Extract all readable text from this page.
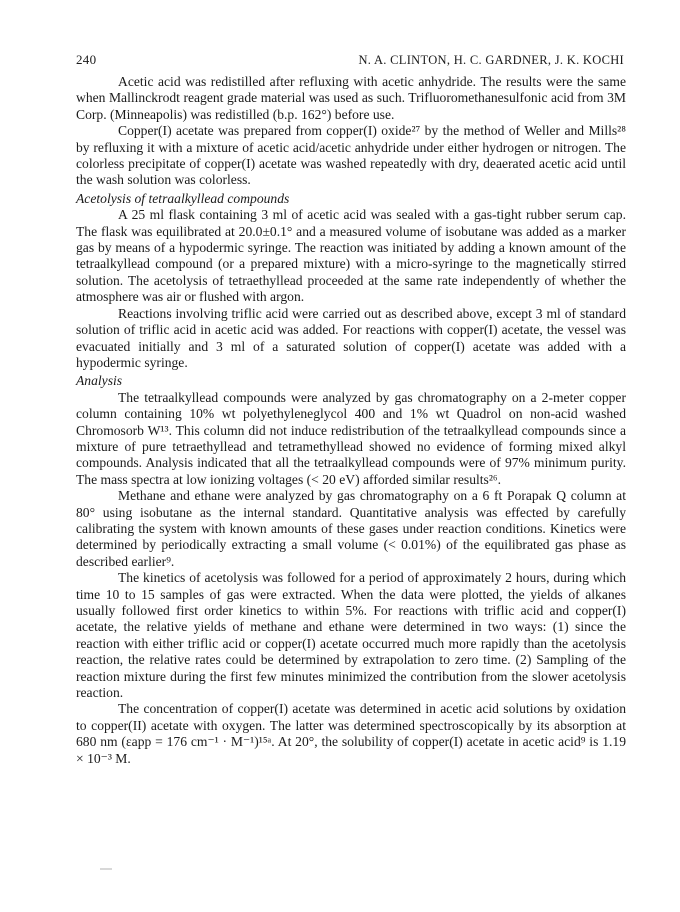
240	N. A. CLINTON, H. C. GARDNER, J. K. KOCHI

Acetic acid was redistilled after refluxing with acetic anhydride. The results were the same when Mallinckrodt reagent grade material was used as such. Trifluoromethanesulfonic acid from 3M Corp. (Minneapolis) was redistilled (b.p. 162°) before use.

Copper(I) acetate was prepared from copper(I) oxide²⁷ by the method of Weller and Mills²⁸ by refluxing it with a mixture of acetic acid/acetic anhydride under either hydrogen or nitrogen. The colorless precipitate of copper(I) acetate was washed repeatedly with dry, deaerated acetic acid until the wash solution was colorless.

Acetolysis of tetraalkyllead compounds

A 25 ml flask containing 3 ml of acetic acid was sealed with a gas-tight rubber serum cap. The flask was equilibrated at 20.0±0.1° and a measured volume of isobutane was added as a marker gas by means of a hypodermic syringe. The reaction was initiated by adding a known amount of the tetraalkyllead compound (or a prepared mixture) with a micro-syringe to the magnetically stirred solution. The acetolysis of tetraethyllead proceeded at the same rate independently of whether the atmosphere was air or flushed with argon.

Reactions involving triflic acid were carried out as described above, except 3 ml of standard solution of triflic acid in acetic acid was added. For reactions with copper(I) acetate, the vessel was evacuated initially and 3 ml of a saturated solution of copper(I) acetate was added with a hypodermic syringe.

Analysis

The tetraalkyllead compounds were analyzed by gas chromatography on a 2-meter copper column containing 10% wt polyethyleneglycol 400 and 1% wt Quadrol on non-acid washed Chromosorb W¹³. This column did not induce redistribution of the tetraalkyllead compounds since a mixture of pure tetraethyllead and tetramethyllead showed no evidence of forming mixed alkyl compounds. Analysis indicated that all the tetraalkyllead compounds were of 97% minimum purity. The mass spectra at low ionizing voltages (< 20 eV) afforded similar results²⁶.

Methane and ethane were analyzed by gas chromatography on a 6 ft Porapak Q column at 80° using isobutane as the internal standard. Quantitative analysis was effected by carefully calibrating the system with known amounts of these gases under reaction conditions. Kinetics were determined by periodically extracting a small volume (< 0.01%) of the equilibrated gas phase as described earlier⁹.

The kinetics of acetolysis was followed for a period of approximately 2 hours, during which time 10 to 15 samples of gas were extracted. When the data were plotted, the yields of alkanes usually followed first order kinetics to within 5%. For reactions with triflic acid and copper(I) acetate, the relative yields of methane and ethane were determined in two ways: (1) since the reaction with either triflic acid or copper(I) acetate occurred much more rapidly than the acetolysis reaction, the relative rates could be determined by extrapolation to zero time. (2) Sampling of the reaction mixture during the first few minutes minimized the contribution from the slower acetolysis reaction.

The concentration of copper(I) acetate was determined in acetic acid solutions by oxidation to copper(II) acetate with oxygen. The latter was determined spectroscopically by its absorption at 680 nm (εapp = 176 cm⁻¹ · M⁻¹)¹⁵ᵃ. At 20°, the solubility of copper(I) acetate in acetic acid⁹ is 1.19 × 10⁻³ M.
